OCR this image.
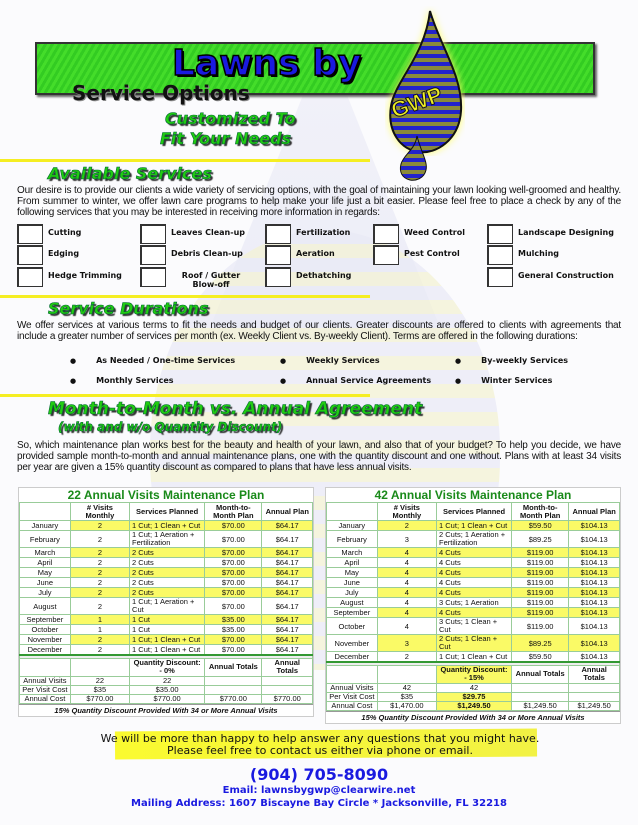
Lawns by
GWP
Service Options
Customized To
Fit Your Needs
Available Services
Our desire is to provide our clients a wide variety of servicing options, with the goal of maintaining your lawn looking well-groomed and healthy. From summer to winter, we offer lawn care programs to help make your life just a bit easier. Please feel free to place a check by any of the following services that you may be interested in receiving more information in regards:
Cutting
Edging
Hedge Trimming
Leaves Clean-up
Debris Clean-up
Roof / Gutter Blow-off
Fertilization
Aeration
Dethatching
Weed Control
Pest Control
Landscape Designing
Mulching
General Construction
Service Durations
We offer services at various terms to fit the needs and budget of our clients. Greater discounts are offered to clients with agreements that include a greater number of services per month (ex. Weekly Client vs. By-weekly Client). Terms are offered in the following durations:
● As Needed / One-time Services	● Weekly Services	● By-weekly Services
● Monthly Services	● Annual Service Agreements	● Winter Services
Month-to-Month vs. Annual Agreement
(with and w/o Quantity Discount)
So, which maintenance plan works best for the beauty and health of your lawn, and also that of your budget? To help you decide, we have provided sample month-to-month and annual maintenance plans, one with the quantity discount and one without. Plans with at least 34 visits per year are given a 15% quantity discount as compared to plans that have less annual visits.
22 Annual Visits Maintenance Plan
	# Visits Monthly	Services Planned	Month-to-Month Plan	Annual Plan
January	2	1 Cut; 1 Clean + Cut	$70.00	$64.17
February	2	1 Cut; 1 Aeration + Fertilization	$70.00	$64.17
March	2	2 Cuts	$70.00	$64.17
April	2	2 Cuts	$70.00	$64.17
May	2	2 Cuts	$70.00	$64.17
June	2	2 Cuts	$70.00	$64.17
July	2	2 Cuts	$70.00	$64.17
August	2	1 Cut; 1 Aeration + Cut	$70.00	$64.17
September	1	1 Cut	$35.00	$64.17
October	1	1 Cut	$35.00	$64.17
November	2	1 Cut; 1 Clean + Cut	$70.00	$64.17
December	2	1 Cut; 1 Clean + Cut	$70.00	$64.17

		Quantity Discount: - 0%	Annual Totals	Annual Totals
Annual Visits	22	22		
Per Visit Cost	$35	$35.00		
Annual Cost	$770.00	$770.00	$770.00	$770.00
15% Quantity Discount Provided With 34 or More Annual Visits
42 Annual Visits Maintenance Plan
	# Visits Monthly	Services Planned	Month-to-Month Plan	Annual Plan
January	2	1 Cut; 1 Clean + Cut	$59.50	$104.13
February	3	2 Cuts; 1 Aeration + Fertilization	$89.25	$104.13
March	4	4 Cuts	$119.00	$104.13
April	4	4 Cuts	$119.00	$104.13
May	4	4 Cuts	$119.00	$104.13
June	4	4 Cuts	$119.00	$104.13
July	4	4 Cuts	$119.00	$104.13
August	4	3 Cuts; 1 Aeration	$119.00	$104.13
September	4	4 Cuts	$119.00	$104.13
October	4	3 Cuts; 1 Clean + Cut	$119.00	$104.13
November	3	2 Cuts; 1 Clean + Cut	$89.25	$104.13
December	2	1 Cut; 1 Clean + Cut	$59.50	$104.13

		Quantity Discount: - 15%	Annual Totals	Annual Totals
Annual Visits	42	42		
Per Visit Cost	$35	$29.75		
Annual Cost	$1,470.00	$1,249.50	$1,249.50	$1,249.50
15% Quantity Discount Provided With 34 or More Annual Visits
We will be more than happy to help answer any questions that you might have.
Please feel free to contact us either via phone or email.
(904) 705-8090
Email: lawnsbygwp@clearwire.net
Mailing Address: 1607 Biscayne Bay Circle * Jacksonville, FL 32218
